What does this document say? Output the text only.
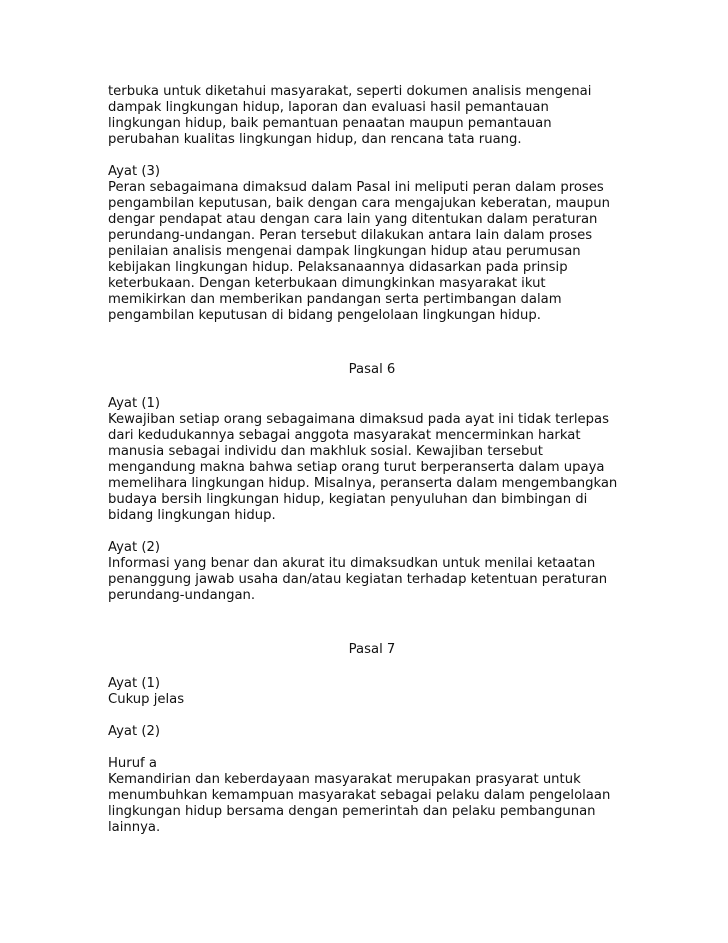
terbuka untuk diketahui masyarakat, seperti dokumen analisis mengenai
dampak lingkungan hidup, laporan dan evaluasi hasil pemantauan
lingkungan hidup, baik pemantuan penaatan maupun pemantauan
perubahan kualitas lingkungan hidup, dan rencana tata ruang.

Ayat (3)

Peran sebagaimana dimaksud dalam Pasal ini meliputi peran dalam proses
pengambilan keputusan, baik dengan cara mengajukan keberatan, maupun
dengar pendapat atau dengan cara lain yang ditentukan dalam peraturan
perundang-undangan. Peran tersebut dilakukan antara lain dalam proses
penilaian analisis mengenai dampak lingkungan hidup atau perumusan
kebijakan lingkungan hidup. Pelaksanaannya didasarkan pada prinsip
keterbukaan. Dengan keterbukaan dimungkinkan masyarakat ikut
memikirkan dan memberikan pandangan serta pertimbangan dalam
pengambilan keputusan di bidang pengelolaan lingkungan hidup.

Pasal 6

Ayat (1)

Kewajiban setiap orang sebagaimana dimaksud pada ayat ini tidak terlepas
dari kedudukannya sebagai anggota masyarakat mencerminkan harkat
manusia sebagai individu dan makhluk sosial. Kewajiban tersebut
mengandung makna bahwa setiap orang turut berperanserta dalam upaya
memelihara lingkungan hidup. Misalnya, peranserta dalam mengembangkan
budaya bersih lingkungan hidup, kegiatan penyuluhan dan bimbingan di
bidang lingkungan hidup.

Ayat (2)

Informasi yang benar dan akurat itu dimaksudkan untuk menilai ketaatan
penanggung jawab usaha dan/atau kegiatan terhadap ketentuan peraturan
perundang-undangan.

Pasal 7

Ayat (1)

Cukup jelas

Ayat (2)

Huruf a

Kemandirian dan keberdayaan masyarakat merupakan prasyarat untuk
menumbuhkan kemampuan masyarakat sebagai pelaku dalam pengelolaan
lingkungan hidup bersama dengan pemerintah dan pelaku pembangunan
lainnya.
